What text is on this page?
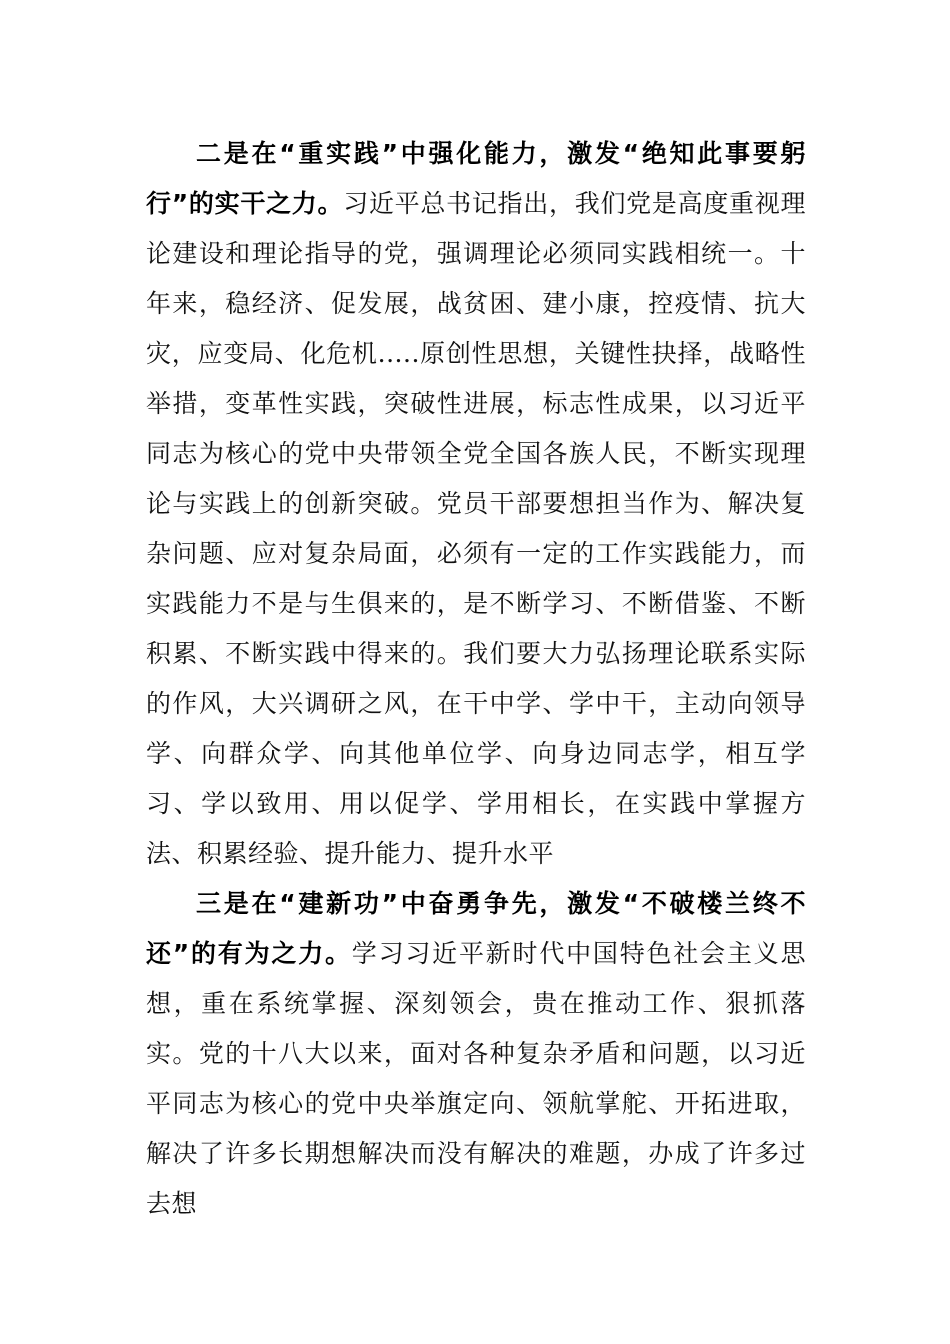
二是在“重实践”中强化能力，激发“绝知此事要躬行”的实干之力。习近平总书记指出，我们党是高度重视理论建设和理论指导的党，强调理论必须同实践相统一。十年来，稳经济、促发展，战贫困、建小康，控疫情、抗大灾，应变局、化危机.....原创性思想，关键性抉择，战略性举措，变革性实践，突破性进展，标志性成果，以习近平同志为核心的党中央带领全党全国各族人民，不断实现理论与实践上的创新突破。党员干部要想担当作为、解决复杂问题、应对复杂局面，必须有一定的工作实践能力，而实践能力不是与生俱来的，是不断学习、不断借鉴、不断积累、不断实践中得来的。我们要大力弘扬理论联系实际的作风，大兴调研之风，在干中学、学中干，主动向领导学、向群众学、向其他单位学、向身边同志学，相互学习、学以致用、用以促学、学用相长，在实践中掌握方法、积累经验、提升能力、提升水平

三是在“建新功”中奋勇争先，激发“不破楼兰终不还”的有为之力。学习习近平新时代中国特色社会主义思想，重在系统掌握、深刻领会，贵在推动工作、狠抓落实。党的十八大以来，面对各种复杂矛盾和问题，以习近平同志为核心的党中央举旗定向、领航掌舵、开拓进取，解决了许多长期想解决而没有解决的难题，办成了许多过去想
